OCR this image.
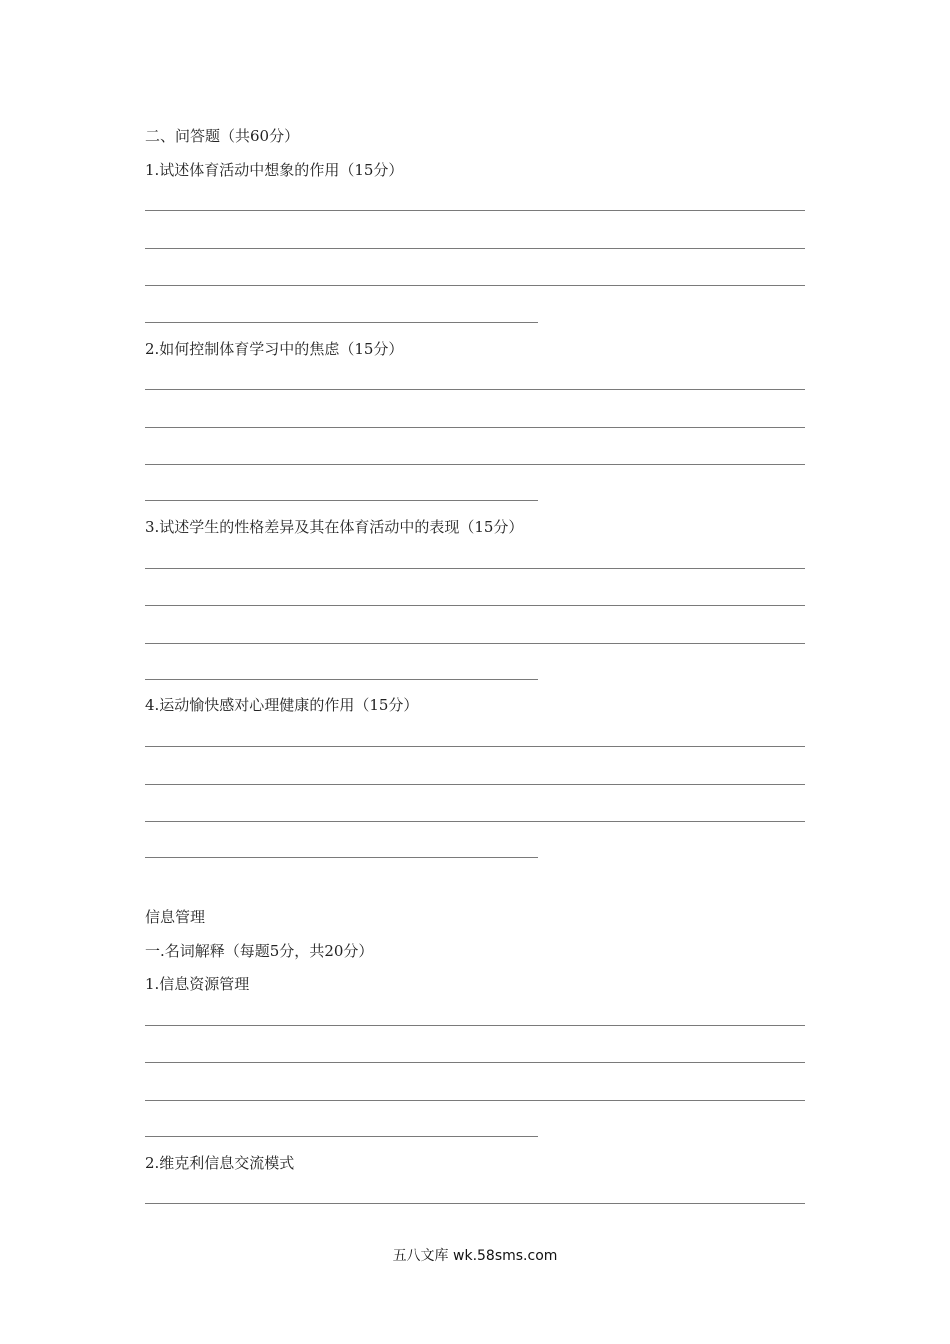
二、问答题（共60分）
1.试述体育活动中想象的作用（15分）
2.如何控制体育学习中的焦虑（15分）
3.试述学生的性格差异及其在体育活动中的表现（15分）
4.运动愉快感对心理健康的作用（15分）
信息管理
一.名词解释（每题5分，共20分）
1.信息资源管理
2.维克利信息交流模式
五八文库 wk.58sms.com
